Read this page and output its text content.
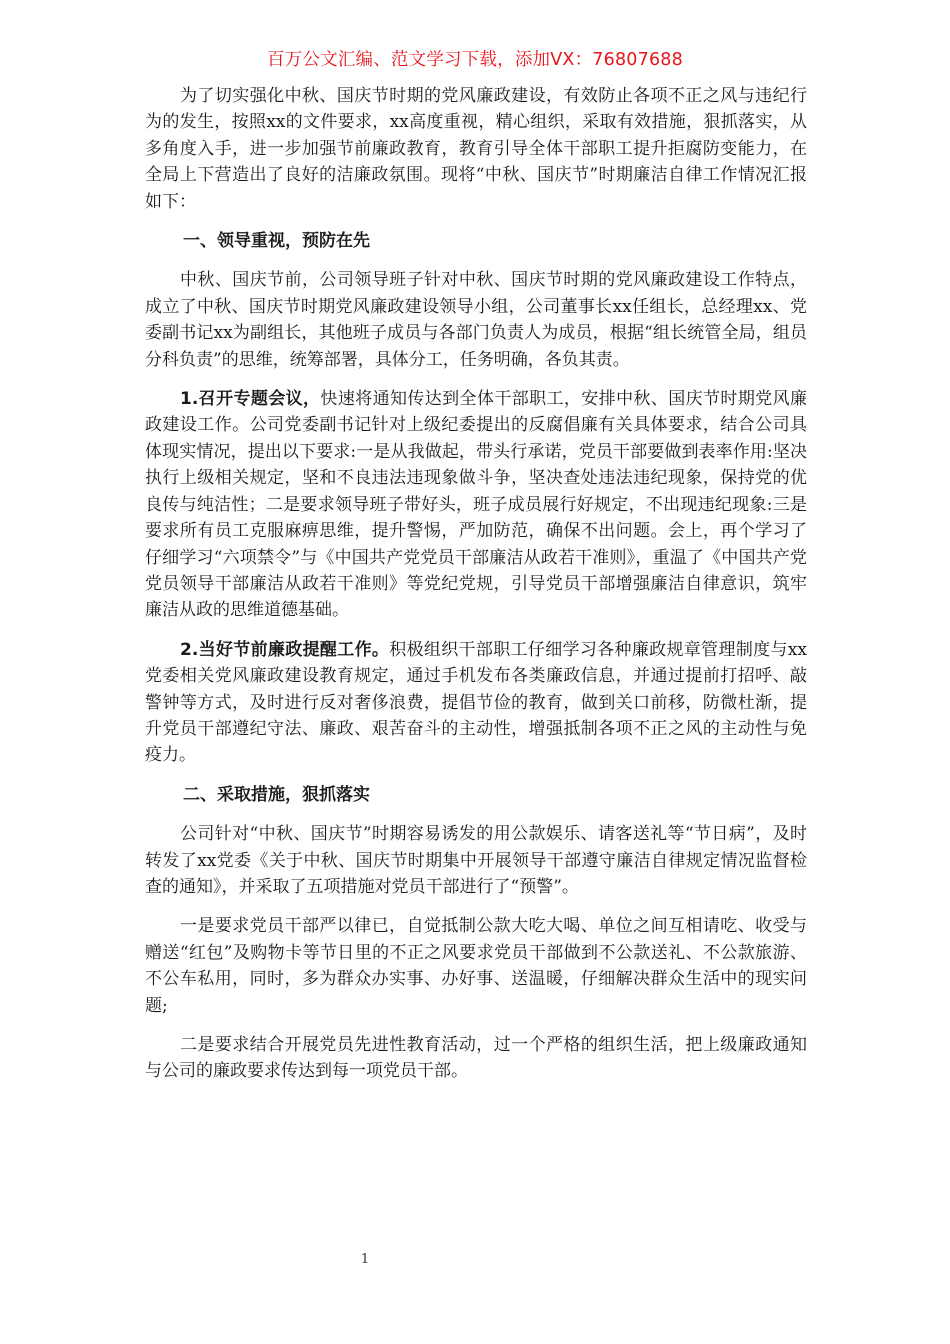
百万公文汇编、范文学习下载，添加VX：76807688

为了切实强化中秋、国庆节时期的党风廉政建设，有效防止各项不正之风与违纪行为的发生，按照xx的文件要求，xx高度重视，精心组织，采取有效措施，狠抓落实，从多角度入手，进一步加强节前廉政教育，教育引导全体干部职工提升拒腐防变能力，在全局上下营造出了良好的洁廉政氛围。现将“中秋、国庆节”时期廉洁自律工作情况汇报如下：

一、领导重视，预防在先

中秋、国庆节前，公司领导班子针对中秋、国庆节时期的党风廉政建设工作特点，成立了中秋、国庆节时期党风廉政建设领导小组，公司董事长xx任组长，总经理xx、党委副书记xx为副组长，其他班子成员与各部门负责人为成员，根据“组长统管全局，组员分科负责”的思维，统筹部署，具体分工，任务明确，各负其责。

1.召开专题会议，快速将通知传达到全体干部职工，安排中秋、国庆节时期党风廉政建设工作。公司党委副书记针对上级纪委提出的反腐倡廉有关具体要求，结合公司具体现实情况，提出以下要求:一是从我做起，带头行承诺，党员干部要做到表率作用:坚决执行上级相关规定，坚和不良违法违现象做斗争，坚决查处违法违纪现象，保持党的优良传与纯洁性；二是要求领导班子带好头，班子成员展行好规定，不出现违纪现象:三是要求所有员工克服麻痹思维，提升警惕，严加防范，确保不出问题。会上，再个学习了仔细学习“六项禁令”与《中国共产党党员干部廉洁从政若干准则》，重温了《中国共产党党员领导干部廉洁从政若干准则》等党纪党规，引导党员干部增强廉洁自律意识，筑牢廉洁从政的思维道德基础。

2.当好节前廉政提醒工作。积极组织干部职工仔细学习各种廉政规章管理制度与xx党委相关党风廉政建设教育规定，通过手机发布各类廉政信息，并通过提前打招呼、敲警钟等方式，及时进行反对奢侈浪费，提倡节俭的教育，做到关口前移，防微杜渐，提升党员干部遵纪守法、廉政、艰苦奋斗的主动性，增强抵制各项不正之风的主动性与免疫力。

二、采取措施，狠抓落实

公司针对“中秋、国庆节”时期容易诱发的用公款娱乐、请客送礼等“节日病”，及时转发了xx党委《关于中秋、国庆节时期集中开展领导干部遵守廉洁自律规定情况监督检查的通知》，并采取了五项措施对党员干部进行了“预警”。

一是要求党员干部严以律已，自觉抵制公款大吃大喝、单位之间互相请吃、收受与赠送“红包”及购物卡等节日里的不正之风要求党员干部做到不公款送礼、不公款旅游、不公车私用，同时，多为群众办实事、办好事、送温暖，仔细解决群众生活中的现实问题;

二是要求结合开展党员先进性教育活动，过一个严格的组织生活，把上级廉政通知与公司的廉政要求传达到每一项党员干部。

1
